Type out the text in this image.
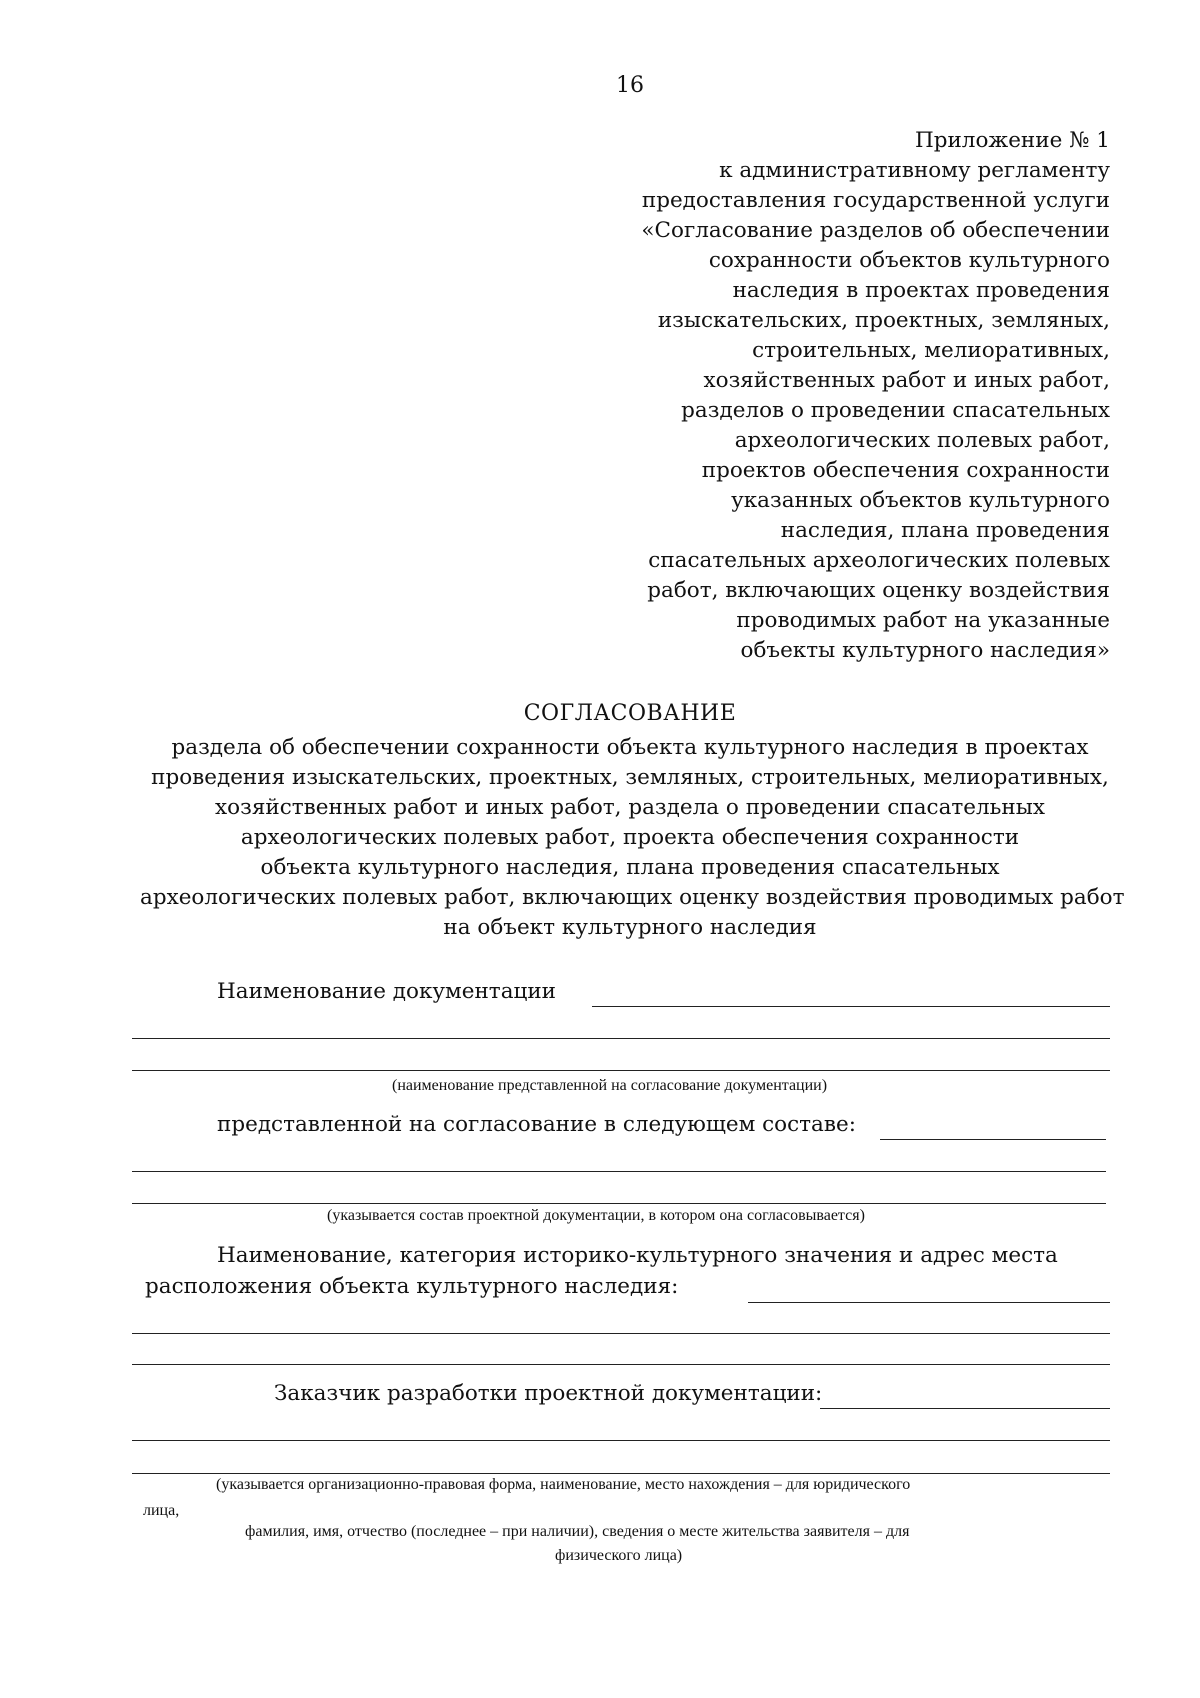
16
Приложение № 1
к административному регламенту
предоставления государственной услуги
«Согласование разделов об обеспечении
сохранности объектов культурного
наследия в проектах проведения
изыскательских, проектных, земляных,
строительных, мелиоративных,
хозяйственных работ и иных работ,
разделов о проведении спасательных
археологических полевых работ,
проектов обеспечения сохранности
указанных объектов культурного
наследия, плана проведения
спасательных археологических полевых
работ, включающих оценку воздействия
проводимых работ на указанные
объекты культурного наследия»
СОГЛАСОВАНИЕ
раздела об обеспечении сохранности объекта культурного наследия в проектах
проведения изыскательских, проектных, земляных, строительных, мелиоративных,
хозяйственных работ и иных работ, раздела о проведении спасательных
археологических полевых работ, проекта обеспечения сохранности
объекта культурного наследия, плана проведения спасательных
археологических полевых работ, включающих оценку воздействия проводимых работ
на объект культурного наследия
Наименование документации
(наименование представленной на согласование документации)
представленной на согласование в следующем составе:
(указывается состав проектной документации, в котором она согласовывается)
Наименование, категория историко-культурного значения и адрес места
расположения объекта культурного наследия:
Заказчик разработки проектной документации:
(указывается организационно-правовая форма, наименование, место нахождения – для юридического
лица,
фамилия, имя, отчество (последнее – при наличии), сведения о месте жительства заявителя – для
физического лица)
